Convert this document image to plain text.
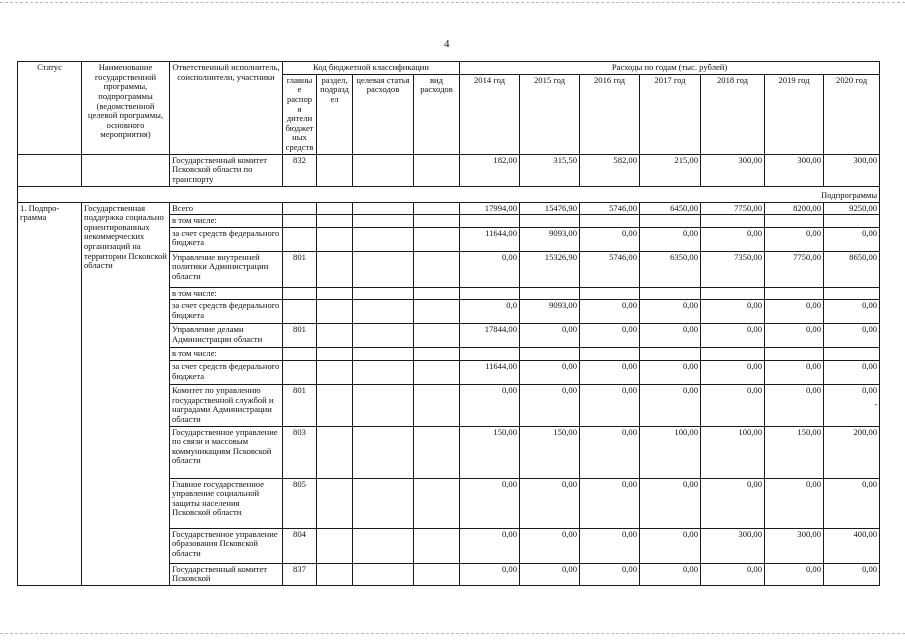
4
Статус	Наименование государственной программы, подпрограммы (ведомственной целевой программы, основного мероприятия)	Ответственный исполнитель, соисполнители, участники	Код бюджетной классификации				Расходы по годам (тыс. рублей)						
			главные распоря дители бюджет ных средств	раздел, подраздел	целевая статья расходов	вид расходов	2014 год	2015 год	2016 год	2017 год	2018 год	2019 год	2020 год
		Государственный комитет Псковской области по транспорту	832				182,00	315,50	582,00	215,00	300,00	300,00	300,00
Подпрограммы													
1. Подпро-грамма	Государственная поддержка социально ориентированных некоммерческих организаций на территории Псковской области	Всего					17994,00	15476,90	5746,00	6450,00	7750,00	8200,00	9250,00
		в том числе:											
		за счет средств федерального бюджета					11644,00	9093,00	0,00	0,00	0,00	0,00	0,00
		Управление внутренней политики Администрации области	801				0,00	15326,90	5746,00	6350,00	7350,00	7750,00	8650,00
		в том числе:											
		за счет средств федерального бюджета					0,0	9093,00	0,00	0,00	0,00	0,00	0,00
		Управление делами Администрации области	801				17844,00	0,00	0,00	0,00	0,00	0,00	0,00
		в том числе:											
		за счет средств федерального бюджета					11644,00	0,00	0,00	0,00	0,00	0,00	0,00
		Комитет по управлению государственной службой и наградами Администрации области	801				0,00	0,00	0,00	0,00	0,00	0,00	0,00
-

		Государственное управление по связи и массовым коммуникациям Псковской области	803				150,00	150,00	0,00	100,00	100,00	150,00	200,00
		Главное государственное управление социальной защиты населения Псковской области	805				0,00	0,00	0,00	0,00	0,00	0,00	0,00
		Государственное управление образования Псковской области	804				0,00	0,00	0,00	0,00	300,00	300,00	400,00
		Государственный комитет Псковской	837				0,00	0,00	0,00	0,00	0,00	0,00	0,00
